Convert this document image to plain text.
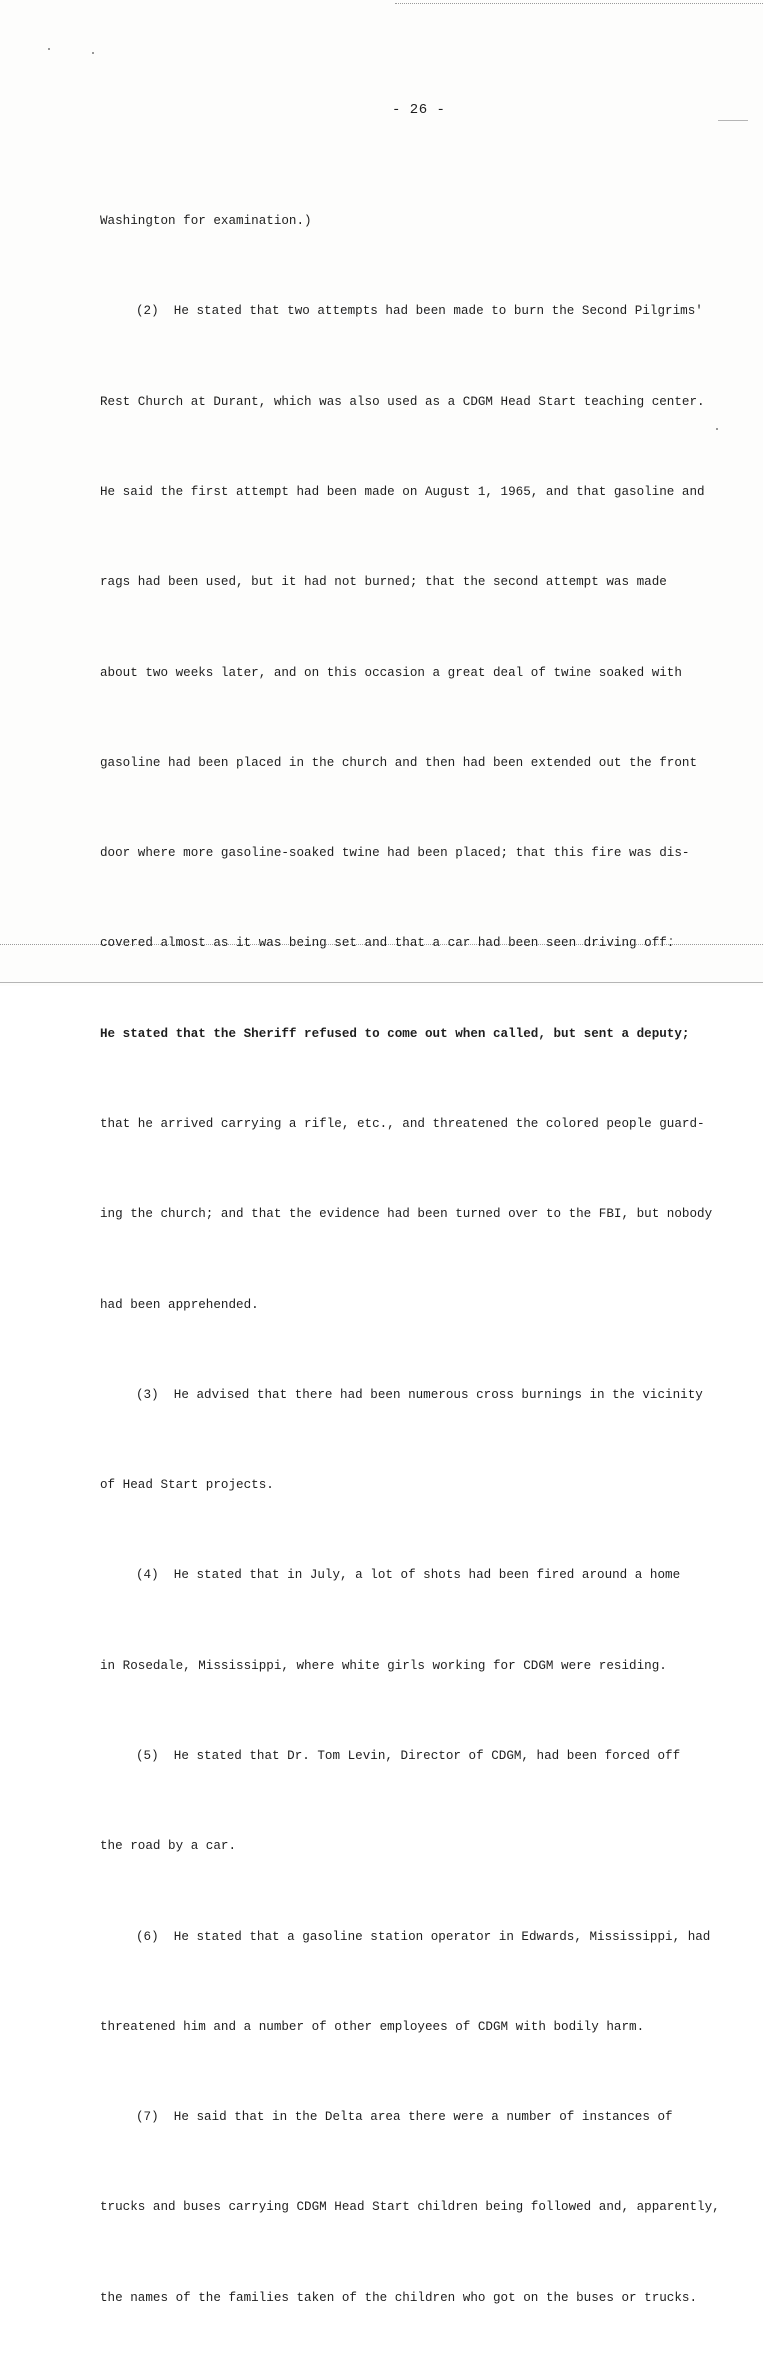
- 26 -

Washington for examination.)

(2)  He stated that two attempts had been made to burn the Second Pilgrims'

Rest Church at Durant, which was also used as a CDGM Head Start teaching center.

He said the first attempt had been made on August 1, 1965, and that gasoline and

rags had been used, but it had not burned; that the second attempt was made

about two weeks later, and on this occasion a great deal of twine soaked with

gasoline had been placed in the church and then had been extended out the front

door where more gasoline-soaked twine had been placed; that this fire was dis-

covered almost as it was being set and that a car had been seen driving off.

He stated that the Sheriff refused to come out when called, but sent a deputy;

that he arrived carrying a rifle, etc., and threatened the colored people guard-

ing the church; and that the evidence had been turned over to the FBI, but nobody

had been apprehended.

(3)  He advised that there had been numerous cross burnings in the vicinity

of Head Start projects.

(4)  He stated that in July, a lot of shots had been fired around a home

in Rosedale, Mississippi, where white girls working for CDGM were residing.

(5)  He stated that Dr. Tom Levin, Director of CDGM, had been forced off

the road by a car.

(6)  He stated that a gasoline station operator in Edwards, Mississippi, had

threatened him and a number of other employees of CDGM with bodily harm.

(7)  He said that in the Delta area there were a number of instances of

trucks and buses carrying CDGM Head Start children being followed and, apparently,

the names of the families taken of the children who got on the buses or trucks.
